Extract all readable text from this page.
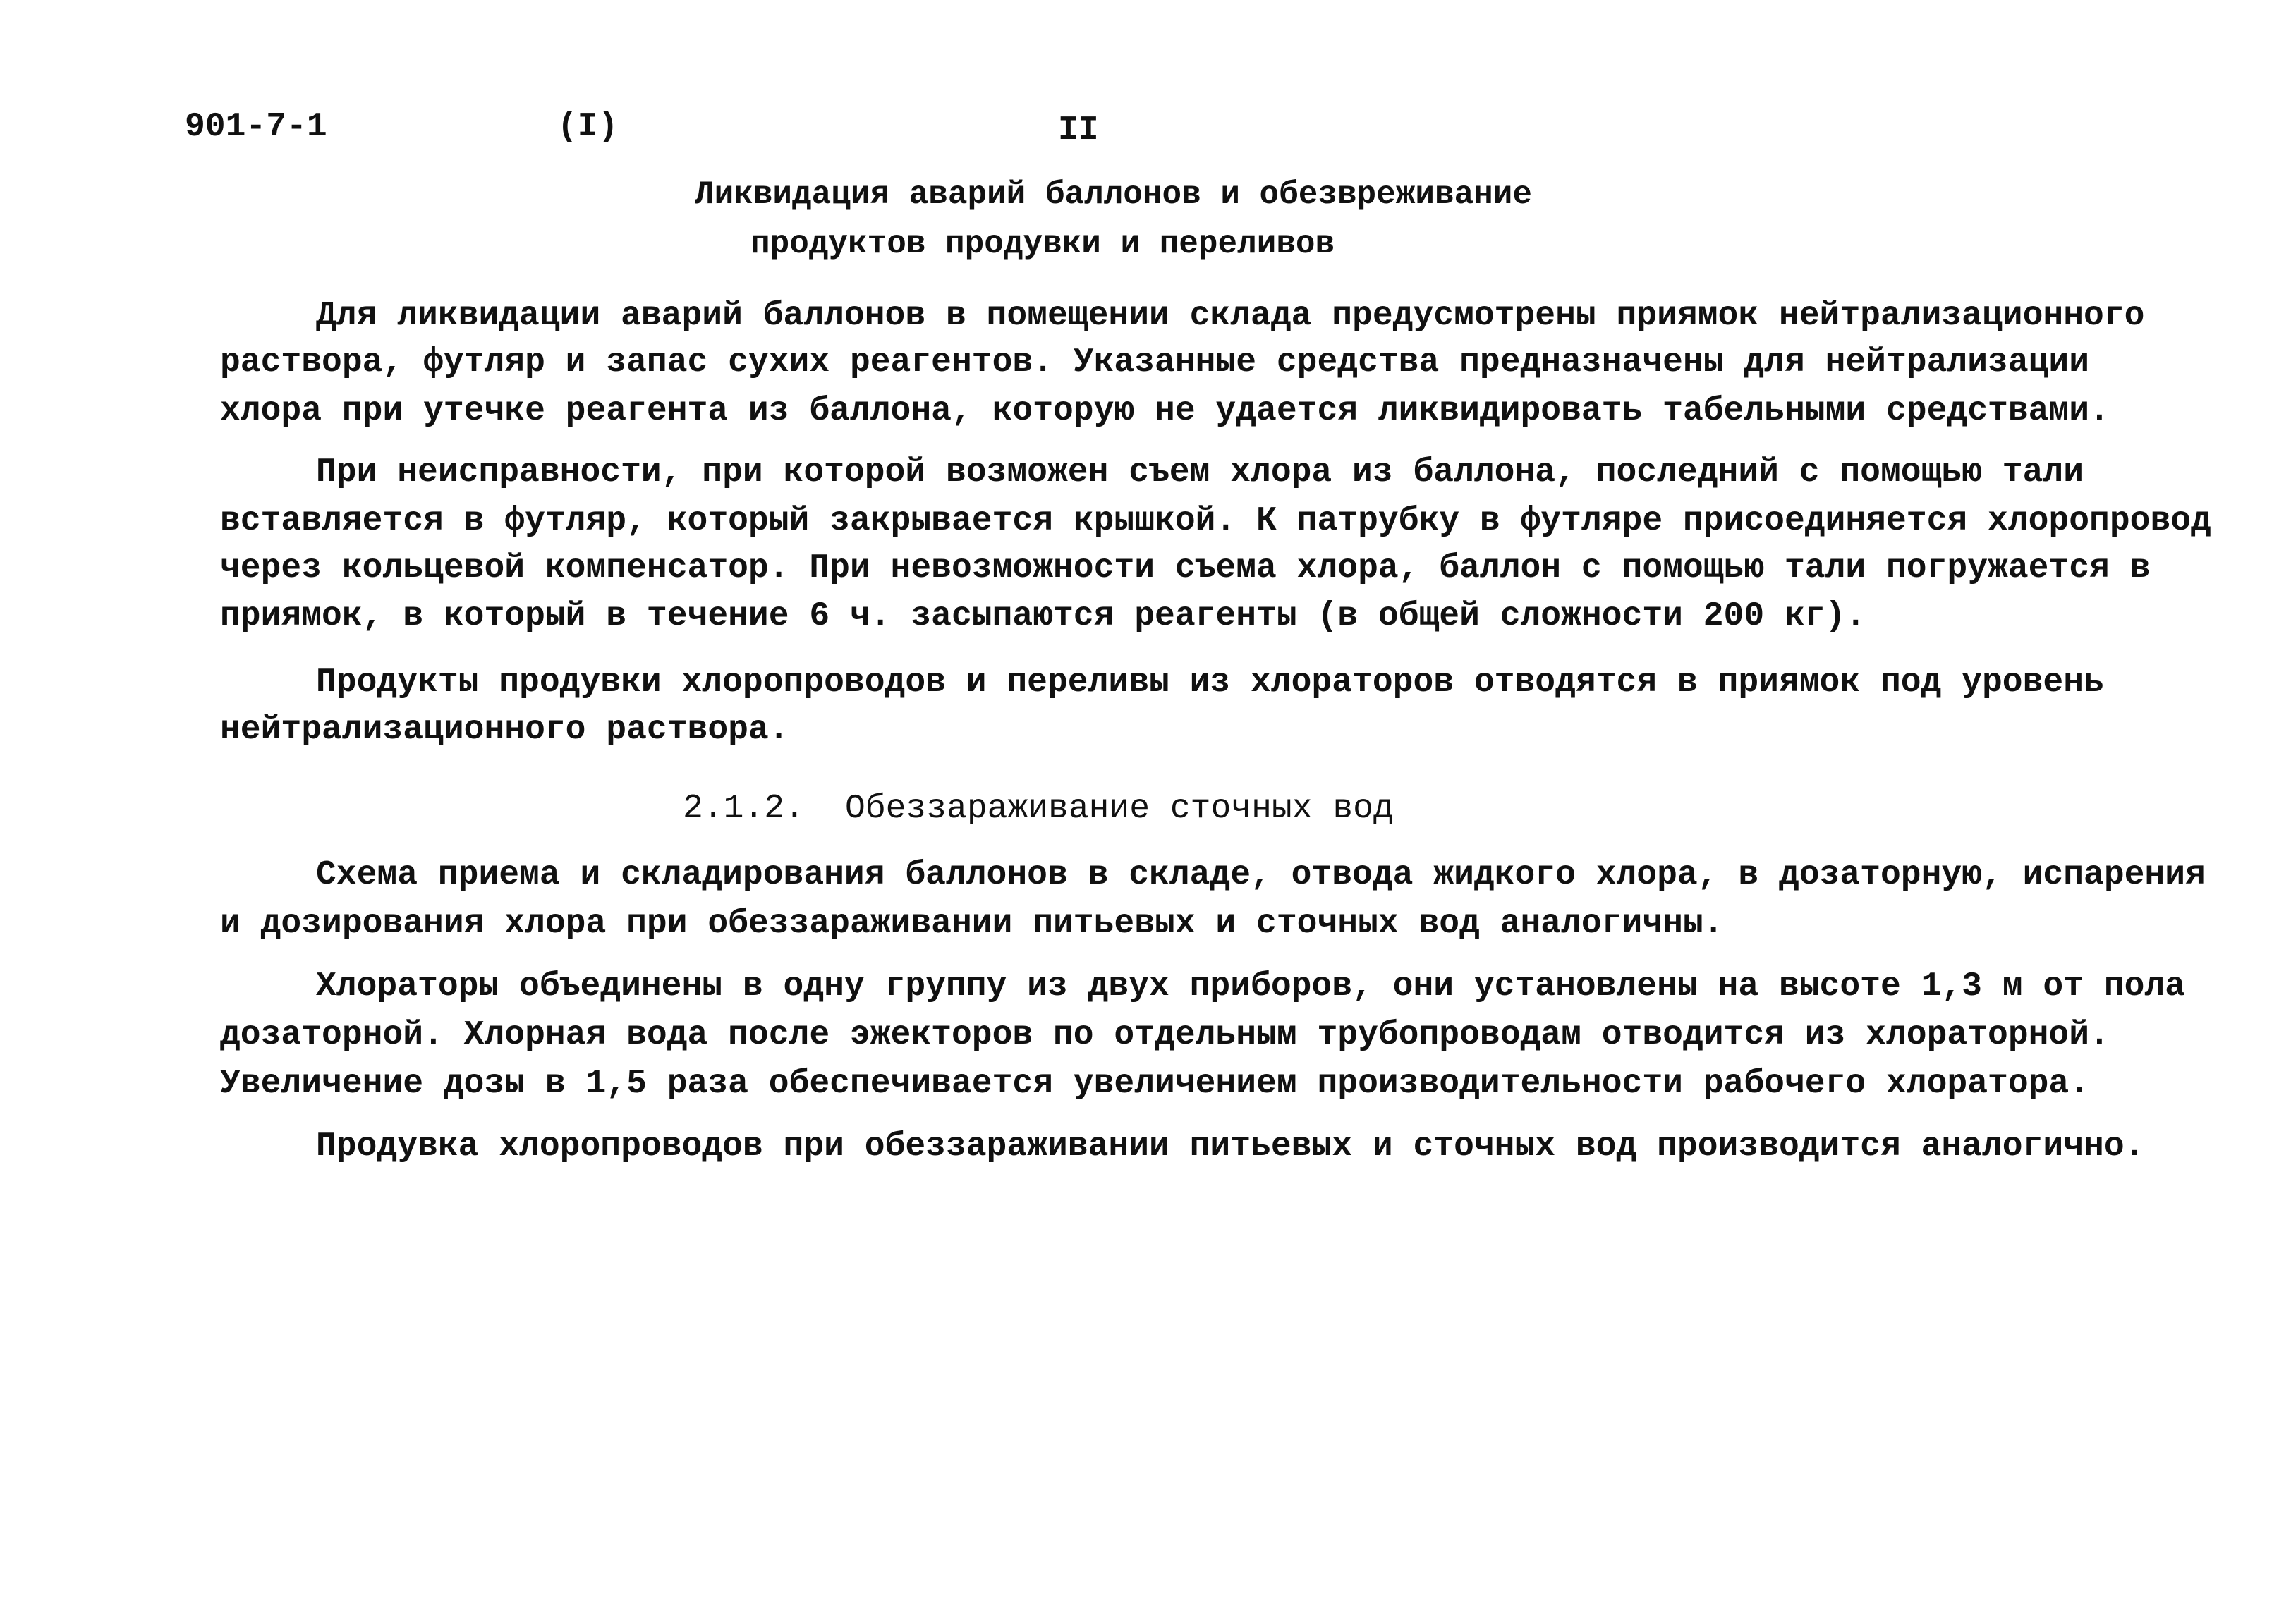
901-7-1	(I)	II
Ликвидация аварий баллонов и обезвреживание
продуктов продувки и переливов
Для ликвидации аварий баллонов в помещении склада предусмотрены приямок нейтрализационного
раствора, футляр и запас сухих реагентов. Указанные средства предназначены для нейтрализации
хлора при утечке реагента из баллона, которую не удается ликвидировать табельными средствами.
При неисправности, при которой возможен съем хлора из баллона, последний с помощью тали
вставляется в футляр, который закрывается крышкой. К патрубку в футляре присоединяется хлоропровод
через кольцевой компенсатор. При невозможности съема хлора, баллон с помощью тали погружается в
приямок, в который в течение 6 ч. засыпаются реагенты (в общей сложности 200 кг).
Продукты продувки хлоропроводов и переливы из хлораторов отводятся в приямок под уровень
нейтрализационного раствора.
2.1.2. Обеззараживание сточных вод
Схема приема и складирования баллонов в складе, отвода жидкого хлора, в дозаторную, испарения
и дозирования хлора при обеззараживании питьевых и сточных вод аналогичны.
Хлораторы объединены в одну группу из двух приборов, они установлены на высоте 1,3 м от пола
дозаторной. Хлорная вода после эжекторов по отдельным трубопроводам отводится из хлораторной.
Увеличение дозы в 1,5 раза обеспечивается увеличением производительности рабочего хлоратора.
Продувка хлоропроводов при обеззараживании питьевых и сточных вод производится аналогично.
